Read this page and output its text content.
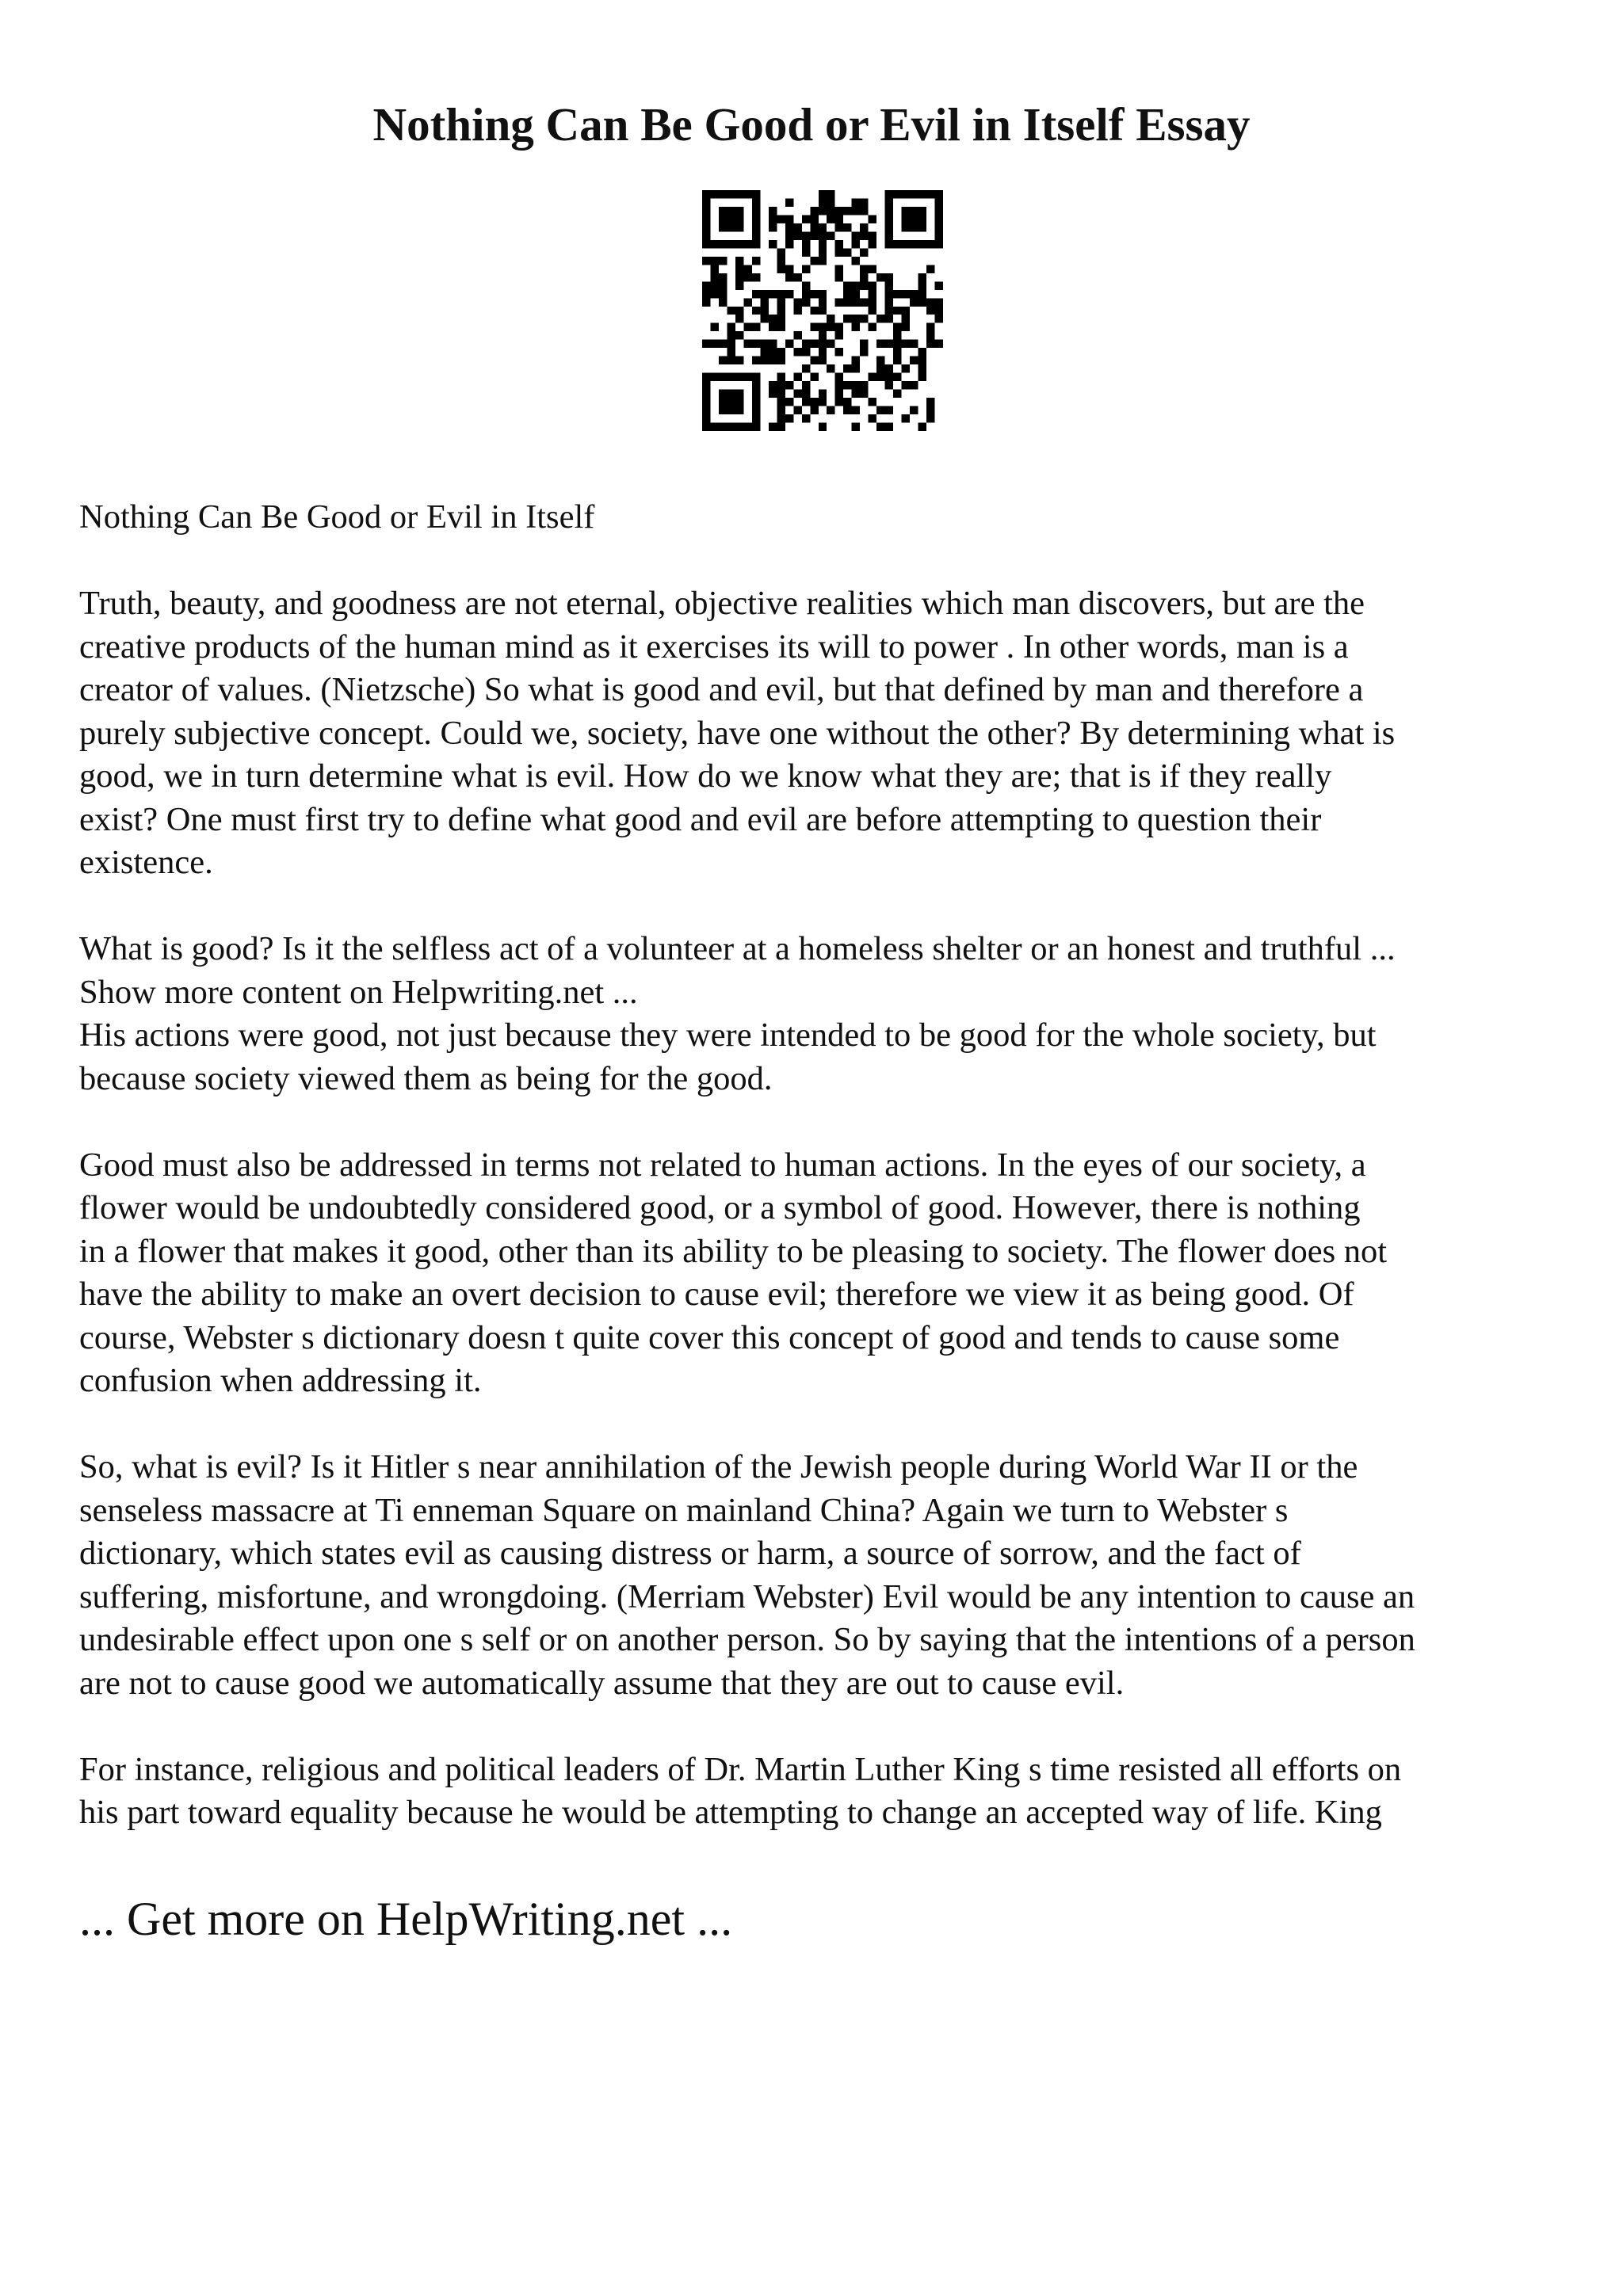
Nothing Can Be Good or Evil in Itself Essay

Nothing Can Be Good or Evil in Itself

Truth, beauty, and goodness are not eternal, objective realities which man discovers, but are the
creative products of the human mind as it exercises its will to power . In other words, man is a
creator of values. (Nietzsche) So what is good and evil, but that defined by man and therefore a
purely subjective concept. Could we, society, have one without the other? By determining what is
good, we in turn determine what is evil. How do we know what they are; that is if they really
exist? One must first try to define what good and evil are before attempting to question their
existence.

What is good? Is it the selfless act of a volunteer at a homeless shelter or an honest and truthful ...

Show more content on Helpwriting.net ...

His actions were good, not just because they were intended to be good for the whole society, but
because society viewed them as being for the good.

Good must also be addressed in terms not related to human actions. In the eyes of our society, a
flower would be undoubtedly considered good, or a symbol of good. However, there is nothing
in a flower that makes it good, other than its ability to be pleasing to society. The flower does not
have the ability to make an overt decision to cause evil; therefore we view it as being good. Of
course, Webster s dictionary doesn t quite cover this concept of good and tends to cause some
confusion when addressing it.

So, what is evil? Is it Hitler s near annihilation of the Jewish people during World War II or the
senseless massacre at Ti enneman Square on mainland China? Again we turn to Webster s
dictionary, which states evil as causing distress or harm, a source of sorrow, and the fact of
suffering, misfortune, and wrongdoing. (Merriam Webster) Evil would be any intention to cause an
undesirable effect upon one s self or on another person. So by saying that the intentions of a person
are not to cause good we automatically assume that they are out to cause evil.

For instance, religious and political leaders of Dr. Martin Luther King s time resisted all efforts on
his part toward equality because he would be attempting to change an accepted way of life. King

... Get more on HelpWriting.net ...
